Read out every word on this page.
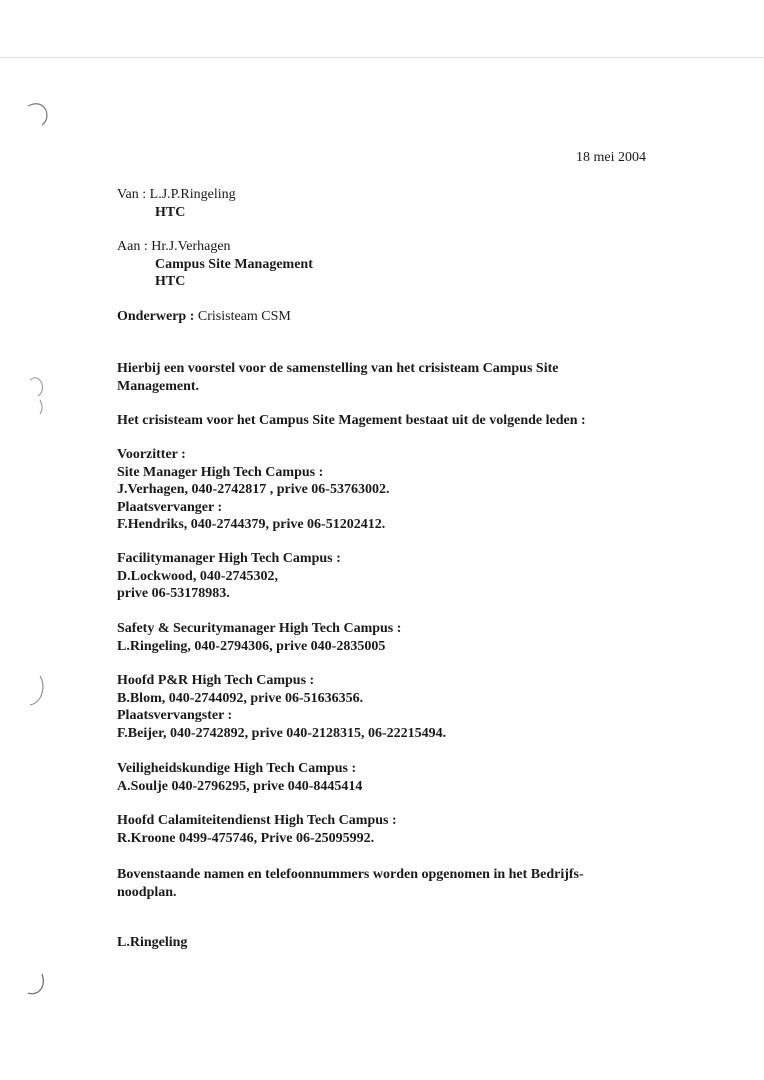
18 mei 2004
Van : L.J.P.Ringeling
HTC
Aan : Hr.J.Verhagen
Campus Site Management
HTC
Onderwerp : Crisisteam CSM
Hierbij een voorstel voor de samenstelling van het crisisteam Campus Site
Management.
Het crisisteam voor het Campus Site Magement bestaat uit de volgende leden :
Voorzitter :
Site Manager High Tech Campus :
J.Verhagen, 040-2742817 , prive 06-53763002.
Plaatsvervanger :
F.Hendriks, 040-2744379, prive 06-51202412.
Facilitymanager High Tech Campus :
D.Lockwood, 040-2745302,
prive 06-53178983.
Safety & Securitymanager High Tech Campus :
L.Ringeling, 040-2794306, prive 040-2835005
Hoofd P&R High Tech Campus :
B.Blom, 040-2744092, prive 06-51636356.
Plaatsvervangster :
F.Beijer, 040-2742892, prive 040-2128315, 06-22215494.
Veiligheidskundige High Tech Campus :
A.Soulje 040-2796295, prive 040-8445414
Hoofd Calamiteitendienst High Tech Campus :
R.Kroone 0499-475746, Prive 06-25095992.
Bovenstaande namen en telefoonnummers worden opgenomen in het Bedrijfs-
noodplan.
L.Ringeling
